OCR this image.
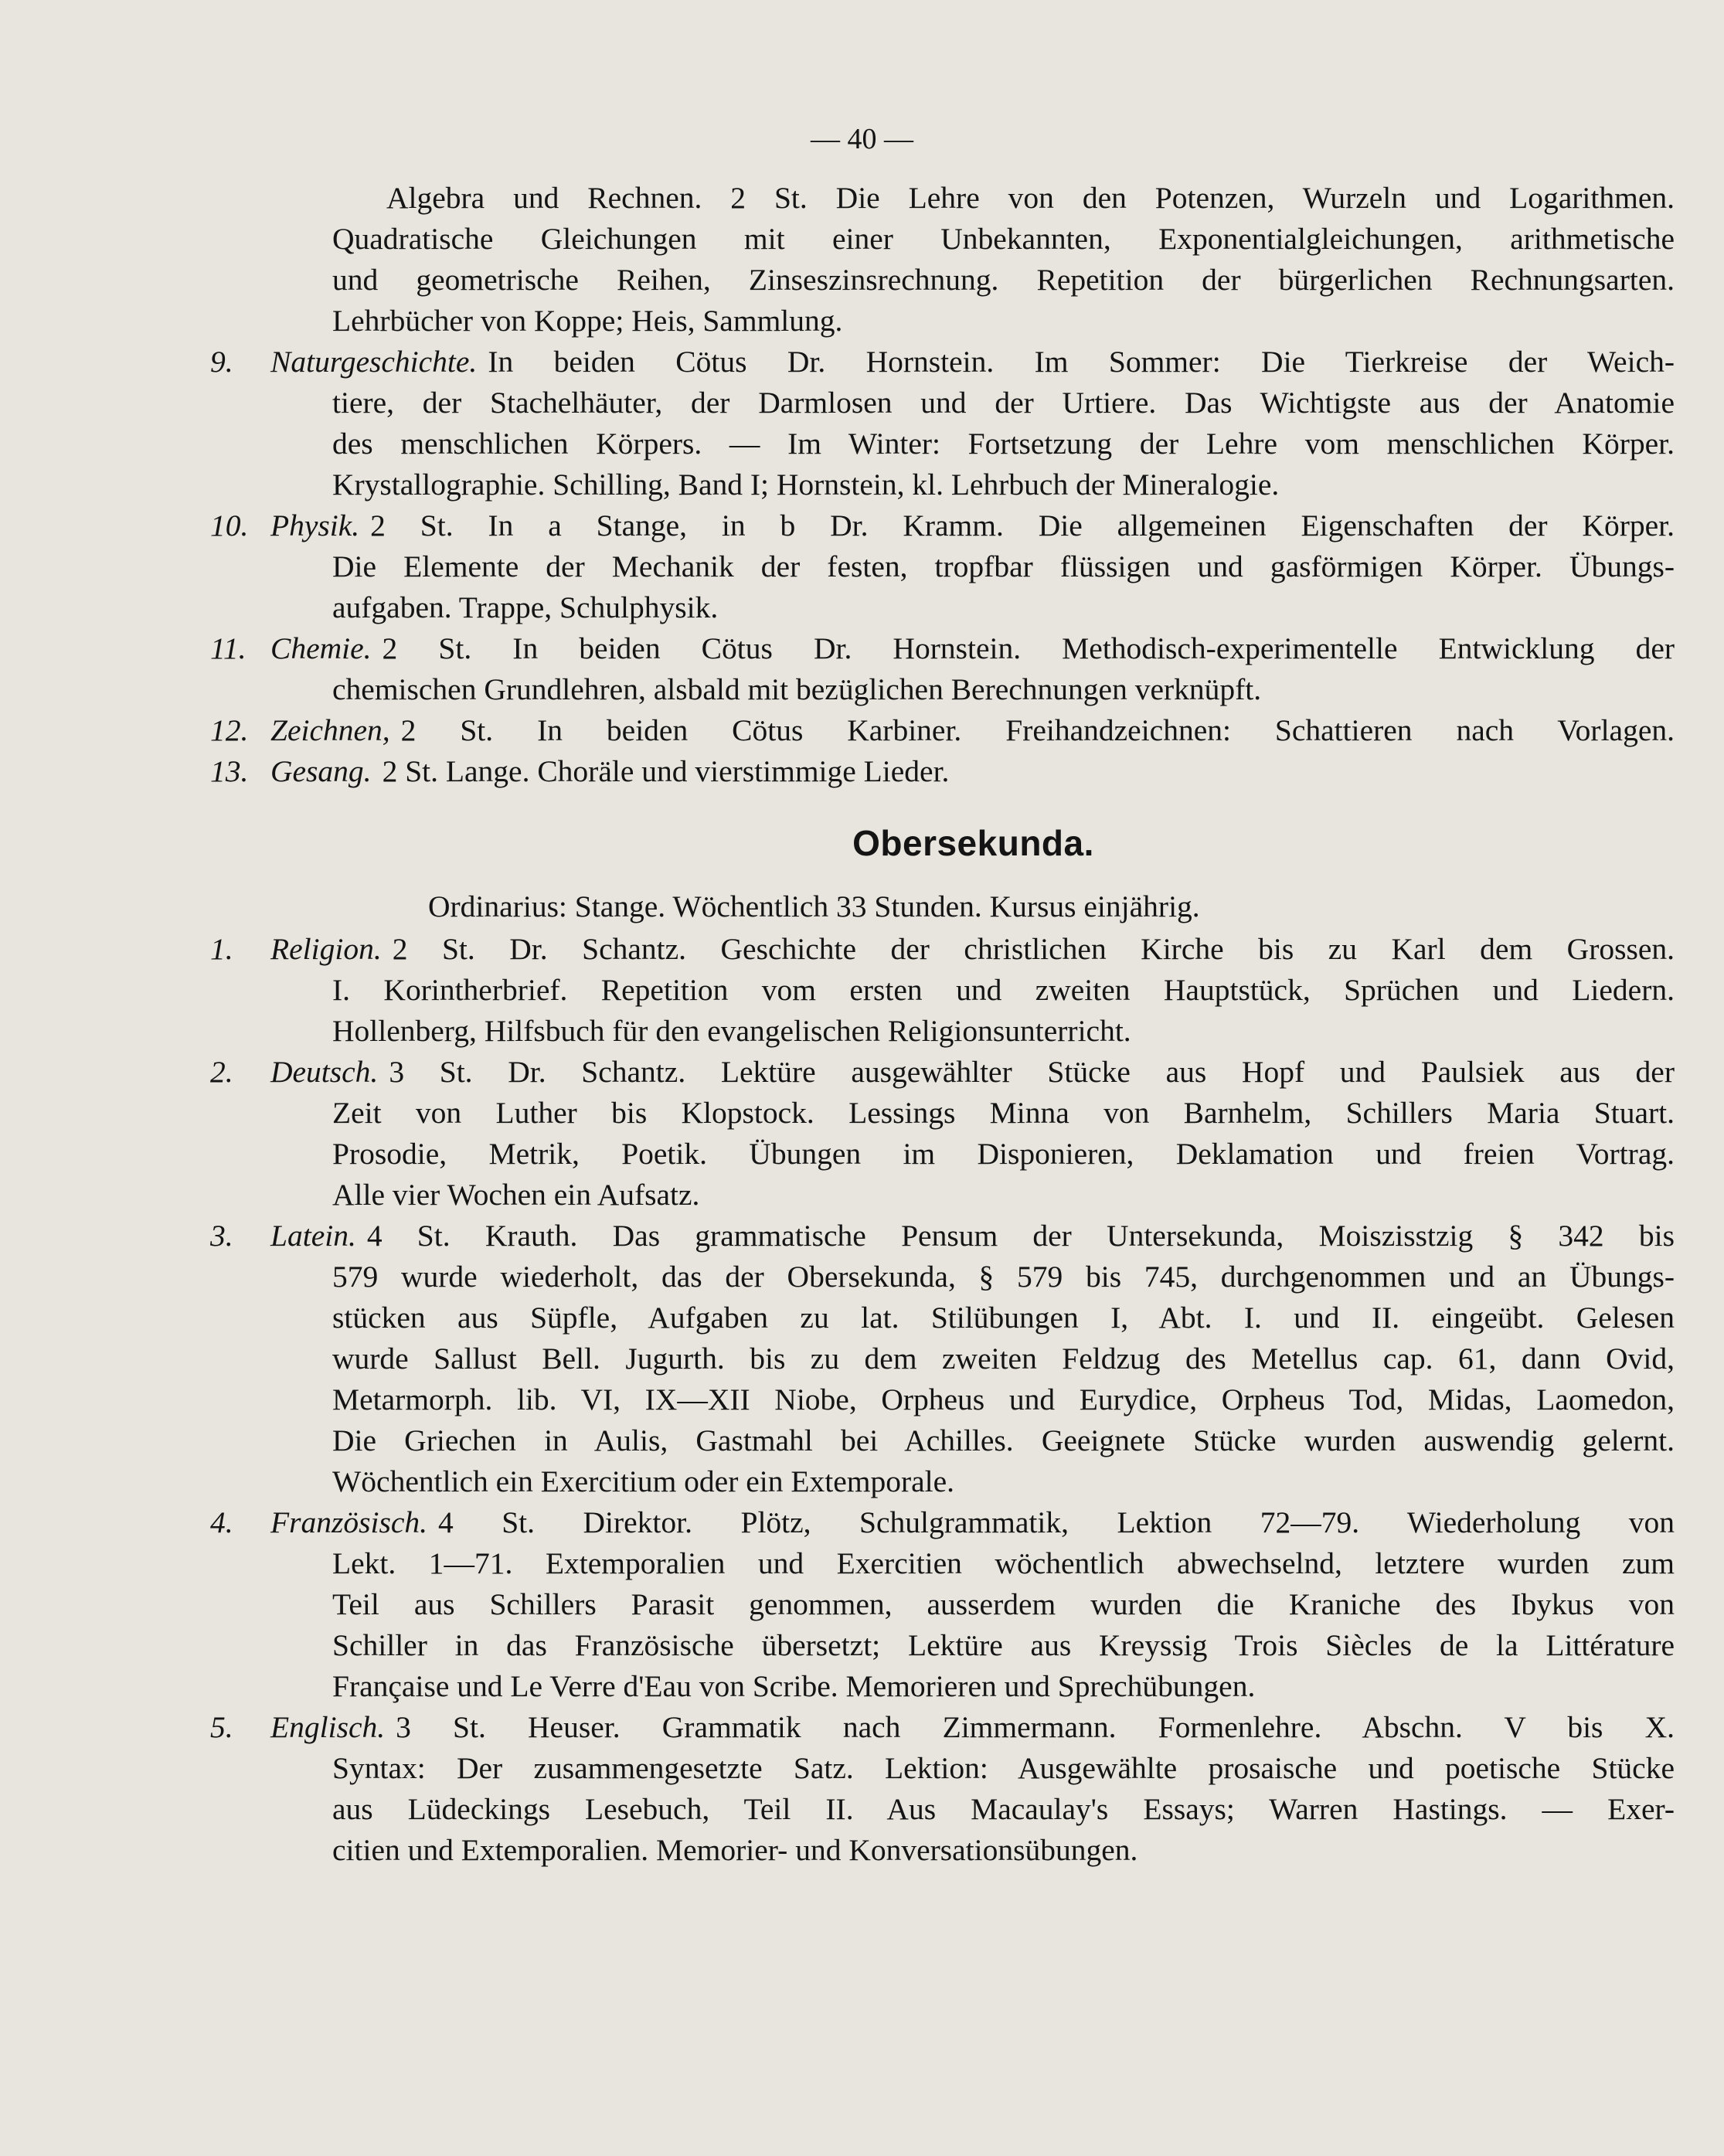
— 40 —
Algebra und Rechnen. 2 St. Die Lehre von den Potenzen, Wurzeln und Logarithmen.
Quadratische Gleichungen mit einer Unbekannten, Exponentialgleichungen, arithmetische
und geometrische Reihen, Zinseszinsrechnung. Repetition der bürgerlichen Rechnungsarten.
Lehrbücher von Koppe; Heis, Sammlung.
9.	Naturgeschichte. In beiden Cötus Dr. Hornstein. Im Sommer: Die Tierkreise der Weich-
tiere, der Stachelhäuter, der Darmlosen und der Urtiere. Das Wichtigste aus der Anatomie
des menschlichen Körpers. — Im Winter: Fortsetzung der Lehre vom menschlichen Körper.
Krystallographie. Schilling, Band I; Hornstein, kl. Lehrbuch der Mineralogie.
10. Physik. 2 St. In a Stange, in b Dr. Kramm. Die allgemeinen Eigenschaften der Körper.
Die Elemente der Mechanik der festen, tropfbar flüssigen und gasförmigen Körper. Übungs-
aufgaben. Trappe, Schulphysik.
11. Chemie. 2 St. In beiden Cötus Dr. Hornstein. Methodisch-experimentelle Entwicklung der
chemischen Grundlehren, alsbald mit bezüglichen Berechnungen verknüpft.
12. Zeichnen, 2 St. In beiden Cötus Karbiner. Freihandzeichnen: Schattieren nach Vorlagen.
13. Gesang. 2 St. Lange. Choräle und vierstimmige Lieder.
Obersekunda.
Ordinarius: Stange. Wöchentlich 33 Stunden. Kursus einjährig.
1.	Religion. 2 St. Dr. Schantz. Geschichte der christlichen Kirche bis zu Karl dem Grossen.
I. Korintherbrief. Repetition vom ersten und zweiten Hauptstück, Sprüchen und Liedern.
Hollenberg, Hilfsbuch für den evangelischen Religionsunterricht.
2.	Deutsch. 3 St. Dr. Schantz. Lektüre ausgewählter Stücke aus Hopf und Paulsiek aus der
Zeit von Luther bis Klopstock. Lessings Minna von Barnhelm, Schillers Maria Stuart.
Prosodie, Metrik, Poetik. Übungen im Disponieren, Deklamation und freien Vortrag.
Alle vier Wochen ein Aufsatz.
3.	Latein. 4 St. Krauth. Das grammatische Pensum der Untersekunda, Moiszisstzig § 342 bis
579 wurde wiederholt, das der Obersekunda, § 579 bis 745, durchgenommen und an Übungs-
stücken aus Süpfle, Aufgaben zu lat. Stilübungen I, Abt. I. und II. eingeübt. Gelesen
wurde Sallust Bell. Jugurth. bis zu dem zweiten Feldzug des Metellus cap. 61, dann Ovid,
Metarmorph. lib. VI, IX—XII Niobe, Orpheus und Eurydice, Orpheus Tod, Midas, Laomedon,
Die Griechen in Aulis, Gastmahl bei Achilles. Geeignete Stücke wurden auswendig gelernt.
Wöchentlich ein Exercitium oder ein Extemporale.
4.	Französisch. 4 St. Direktor. Plötz, Schulgrammatik, Lektion 72—79. Wiederholung von
Lekt. 1—71. Extemporalien und Exercitien wöchentlich abwechselnd, letztere wurden zum
Teil aus Schillers Parasit genommen, ausserdem wurden die Kraniche des Ibykus von
Schiller in das Französische übersetzt; Lektüre aus Kreyssig Trois Siècles de la Littérature
Française und Le Verre d'Eau von Scribe. Memorieren und Sprechübungen.
5.	Englisch. 3 St. Heuser. Grammatik nach Zimmermann. Formenlehre. Abschn. V bis X.
Syntax: Der zusammengesetzte Satz. Lektion: Ausgewählte prosaische und poetische Stücke
aus Lüdeckings Lesebuch, Teil II. Aus Macaulay's Essays; Warren Hastings. — Exer-
citien und Extemporalien. Memorier- und Konversationsübungen.
